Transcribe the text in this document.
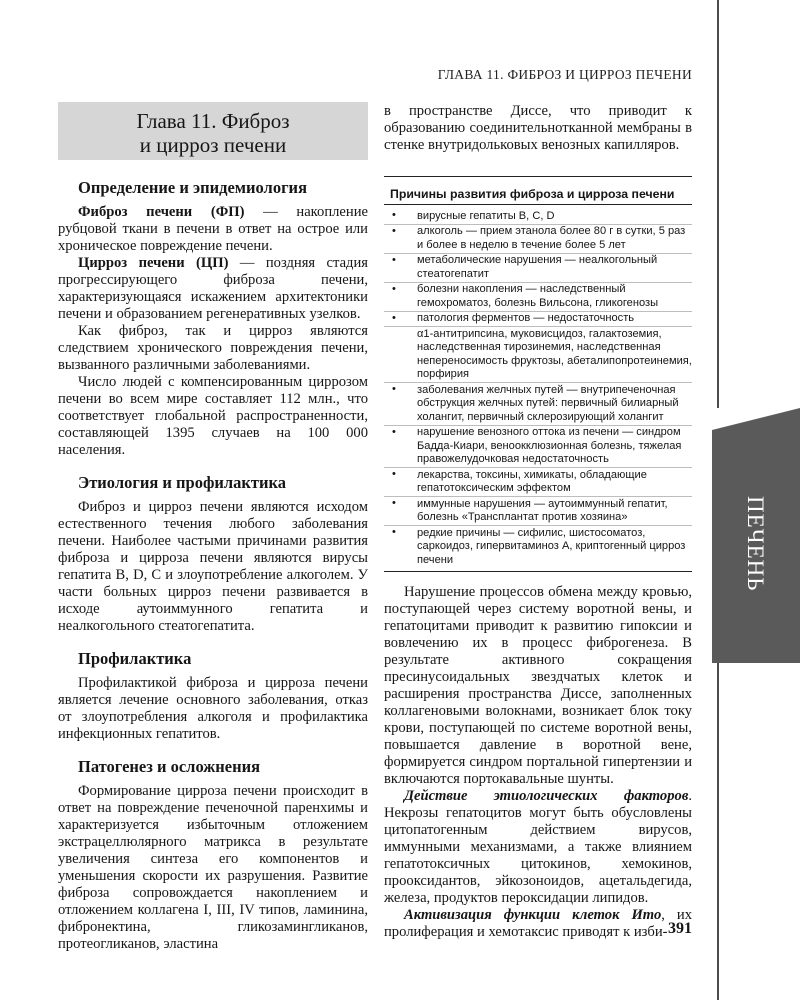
ПЕЧЕНЬ
ГЛАВА 11. ФИБРОЗ И ЦИРРОЗ ПЕЧЕНИ
Глава 11. Фиброз
и цирроз печени
Определение и эпидемиология

Фиброз печени (ФП) — накопление рубцовой ткани в печени в ответ на острое или хроническое повреждение печени.

Цирроз печени (ЦП) — поздняя стадия прогрессирующего фиброза печени, характеризующаяся искажением архитектоники печени и образованием регенеративных узелков.

Как фиброз, так и цирроз являются следствием хронического повреждения печени, вызванного различными заболеваниями.

Число людей с компенсированным циррозом печени во всем мире составляет 112 млн., что соответствует глобальной распространенности, составляющей 1395 случаев на 100 000 населения.

Этиология и профилактика

Фиброз и цирроз печени являются исходом естественного течения любого заболевания печени. Наиболее частыми причинами развития фиброза и цирроза печени являются вирусы гепатита В, D, С и злоупотребление алкоголем. У части больных цирроз печени развивается в исходе аутоиммунного гепатита и неалкогольного стеатогепатита.

Профилактика

Профилактикой фиброза и цирроза печени является лечение основного заболевания, отказ от злоупотребления алкоголя и профилактика инфекционных гепатитов.

Патогенез и осложнения

Формирование цирроза печени происходит в ответ на повреждение печеночной паренхимы и характеризуется избыточным отложением экстрацеллюлярного матрикса в результате увеличения синтеза его компонентов и уменьшения скорости их разрушения. Развитие фиброза сопровождается накоплением и отложением коллагена I, III, IV типов, ламинина, фибронектина, гликозамингликанов, протеогликанов, эластина

в пространстве Диссе, что приводит к образованию соединительнотканной мембраны в стенке внутридольковых венозных капилляров.

Причины развития фиброза и цирроза печени
• вирусные гепатиты В, С, D
• алкоголь — прием этанола более 80 г в сутки, 5 раз и более в неделю в течение более 5 лет
• метаболические нарушения — неалкогольный стеатогепатит
• болезни накопления — наследственный гемохроматоз, болезнь Вильсона, гликогенозы
• патология ферментов — недостаточность
α1-антитрипсина, муковисцидоз, галактоземия, наследственная тирозинемия, наследственная непереносимость фруктозы, абеталипопротеинемия, порфирия
• заболевания желчных путей — внутрипеченочная обструкция желчных путей: первичный билиарный холангит, первичный склерозирующий холангит
• нарушение венозного оттока из печени — синдром Бадда-Киари, веноокклюзионная болезнь, тяжелая правожелудочковая недостаточность
• лекарства, токсины, химикаты, обладающие гепатотоксическим эффектом
• иммунные нарушения — аутоиммунный гепатит, болезнь «Трансплантат против хозяина»
• редкие причины — сифилис, шистосоматоз, саркоидоз, гипервитаминоз А, криптогенный цирроз печени

Нарушение процессов обмена между кровью, поступающей через систему воротной вены, и гепатоцитами приводит к развитию гипоксии и вовлечению их в процесс фиброгенеза. В результате активного сокращения пресинусоидальных звездчатых клеток и расширения пространства Диссе, заполненных коллагеновыми волокнами, возникает блок току крови, поступающей по системе воротной вены, повышается давление в воротной вене, формируется синдром портальной гипертензии и включаются портокавальные шунты.

Действие этиологических факторов. Некрозы гепатоцитов могут быть обусловлены цитопатогенным действием вирусов, иммунными механизмами, а также влиянием гепатотоксичных цитокинов, хемокинов, прооксидантов, эйкозоноидов, ацетальдегида, железа, продуктов пероксидации липидов.

Активизация функции клеток Ито, их пролиферация и хемотаксис приводят к изби- 391
